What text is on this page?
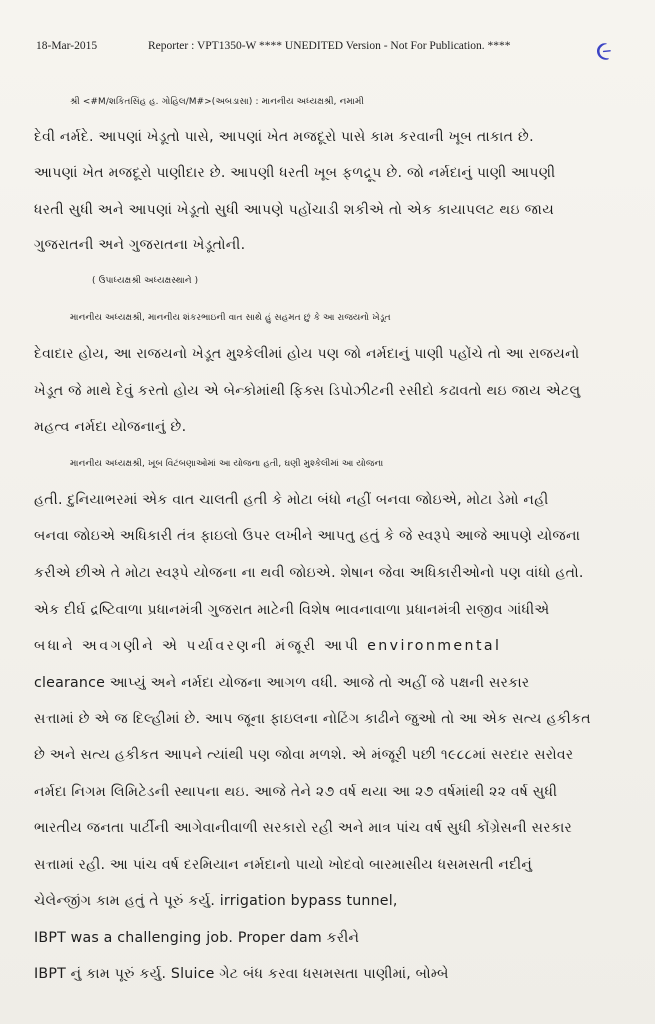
18-Mar-2015	Reporter : VPT1350-W **** UNEDITED Version - Not For Publication. ****	૯
શ્રી <#M/શકિતસિંહ હ. ગોહિલ/M#>(અબડાસા) : માનનીય અધ્યક્ષશ્રી, નમામી
દેવી નર્મદે. આપણાં ખેડૂતો પાસે, આપણાં ખેત મજદૂરો પાસે કામ કરવાની ખૂબ તાકાત છે.
આપણાં ખેત મજદૂરો પાણીદાર છે. આપણી ધરતી ખૂબ ફળદ્રૂપ છે. જો નર્મદાનું પાણી આપણી
ધરતી સુધી અને આપણાં ખેડૂતો સુધી આપણે પહોંચાડી શકીએ તો એક કાયાપલટ થઇ જાય
ગુજરાતની અને ગુજરાતના ખેડૂતોની.
( ઉપાધ્યક્ષશ્રી અધ્યક્ષસ્થાને )
માનનીય અધ્યક્ષશ્રી, માનનીય શંકરભાઇની વાત સાથે હું સહમત છું કે આ રાજયનો ખેડૂત
દેવાદાર હોય, આ રાજયનો ખેડૂત મુશ્કેલીમાં હોય પણ જો નર્મદાનું પાણી પહોંચે તો આ રાજયનો
ખેડૂત જે માથે દેવું કરતો હોય એ બેન્કોમાંથી ફિક્સ ડિપોઝીટની રસીદો કઢાવતો થઇ જાય એટલુ
મહત્વ નર્મદા યોજનાનું છે.
માનનીય અધ્યક્ષશ્રી, ખૂબ વિટંબણાઓમાં આ યોજના હતી, ઘણી મુશ્કેલીમાં આ યોજના
હતી. દુનિયાભરમાં એક વાત ચાલતી હતી કે મોટા બંધો નહીં બનવા જોઇએ, મોટા ડેમો નહી
બનવા જોઇએ અધિકારી તંત્ર ફાઇલો ઉપર લખીને આપતુ હતું કે જે સ્વરૂપે આજે આપણે યોજના
કરીએ છીએ તે મોટા સ્વરૂપે યોજના ના થવી જોઇએ. શેષાન જેવા અધિકારીઓનો પણ વાંધો હતો.
એક દીર્ઘ દ્રષ્ટિવાળા પ્રધાનમંત્રી ગુજરાત માટેની વિશેષ ભાવનાવાળા પ્રધાનમંત્રી રાજીવ ગાંધીએ
બધાને અવગણીને એ પર્યાવરણની મંજૂરી આપી environmental
clearance આપ્યું અને નર્મદા યોજના આગળ વધી. આજે તો અહીં જે પક્ષની સરકાર
સત્તામાં છે એ જ દિલ્હીમાં છે. આપ જૂના ફાઇલના નોટિંગ કાઢીને જુઓ તો આ એક સત્ય હકીકત
છે અને સત્ય હકીકત આપને ત્યાંથી પણ જોવા મળશે. એ મંજૂરી પછી ૧૯૮૮માં સરદાર સરોવર
નર્મદા નિગમ લિમિટેડની સ્થાપના થઇ. આજે તેને ૨૭ વર્ષ થયા આ ૨૭ વર્ષમાંથી ૨૨ વર્ષ સુધી
ભારતીય જનતા પાર્ટીની આગેવાનીવાળી સરકારો રહી અને માત્ર પાંચ વર્ષ સુધી કોંગ્રેસની સરકાર
સત્તામાં રહી. આ પાંચ વર્ષ દરમિયાન નર્મદાનો પાયો ખોદવો બારમાસીય ધસમસતી નદીનું
ચેલેન્જીંગ કામ હતું તે પૂરું કર્યુ. irrigation bypass tunnel,
IBPT was a challenging job. Proper dam કરીને
IBPT નું કામ પૂરું કર્યુ. Sluice ગેટ બંધ કરવા ધસમસતા પાણીમાં, બોમ્બે
